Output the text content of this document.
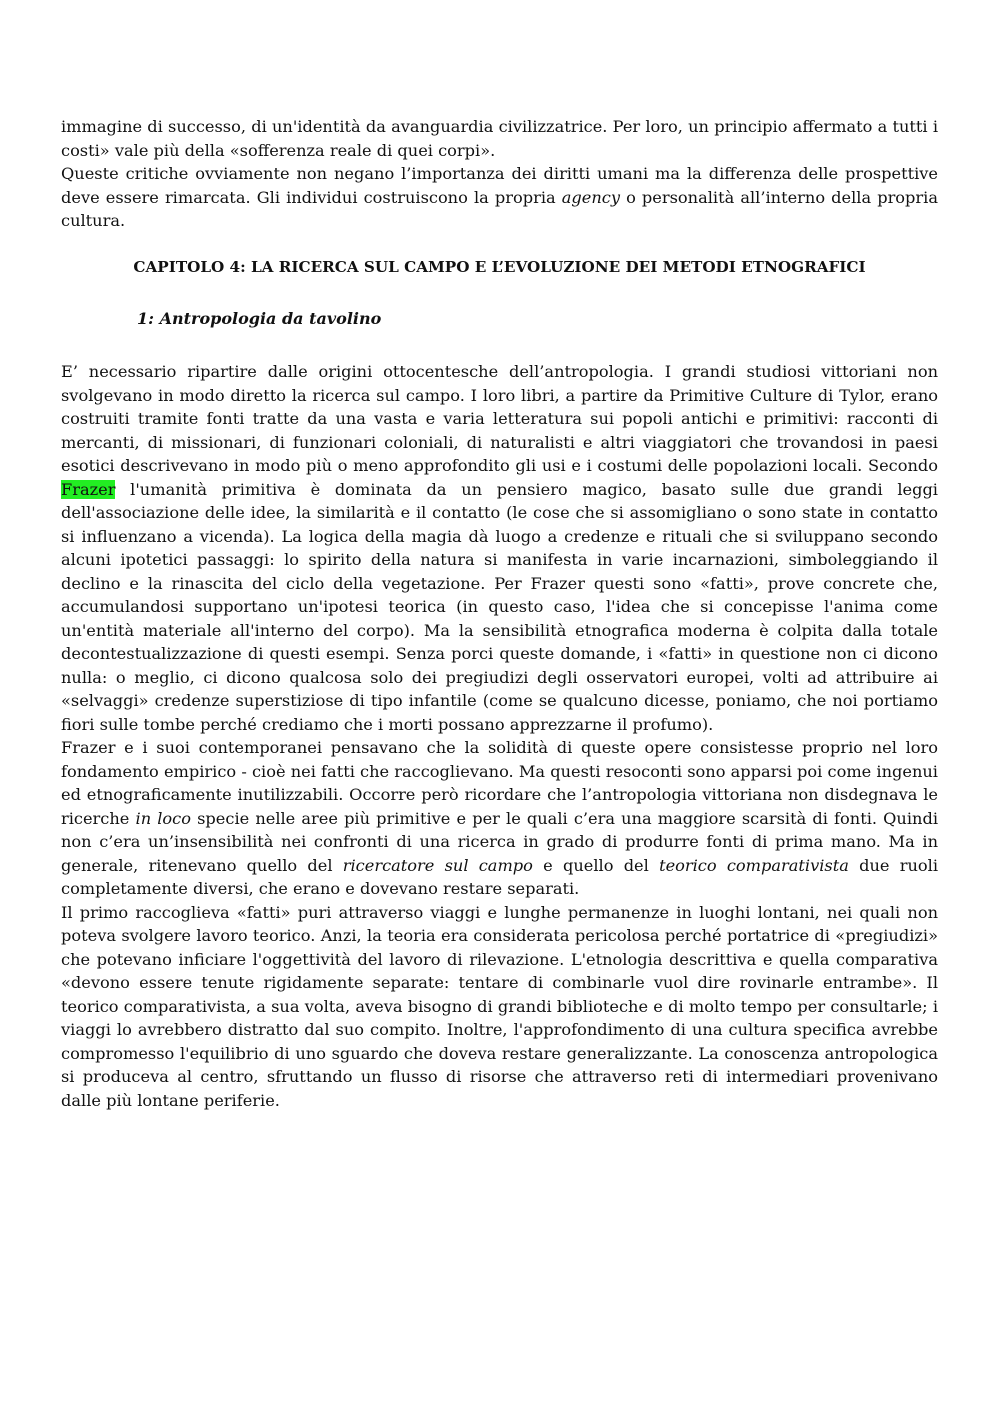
immagine di successo, di un'identità da avanguardia civilizzatrice. Per loro, un principio affermato a tutti i costi» vale più della «sofferenza reale di quei corpi».
Queste critiche ovviamente non negano l’importanza dei diritti umani ma la differenza delle prospettive deve essere rimarcata. Gli individui costruiscono la propria agency o personalità all’interno della propria cultura.

CAPITOLO 4: LA RICERCA SUL CAMPO E L’EVOLUZIONE DEI METODI ETNOGRAFICI
1: Antropologia da tavolino
E’ necessario ripartire dalle origini ottocentesche dell’antropologia. I grandi studiosi vittoriani non svolgevano in modo diretto la ricerca sul campo. I loro libri, a partire da Primitive Culture di Tylor, erano costruiti tramite fonti tratte da una vasta e varia letteratura sui popoli antichi e primitivi: racconti di mercanti, di missionari, di funzionari coloniali, di naturalisti e altri viaggiatori che trovandosi in paesi esotici descrivevano in modo più o meno approfondito gli usi e i costumi delle popolazioni locali. Secondo Frazer l'umanità primitiva è dominata da un pensiero magico, basato sulle due grandi leggi dell'associazione delle idee, la similarità e il contatto (le cose che si assomigliano o sono state in contatto si influenzano a vicenda). La logica della magia dà luogo a credenze e rituali che si sviluppano secondo alcuni ipotetici passaggi: lo spirito della natura si manifesta in varie incarnazioni, simboleggiando il declino e la rinascita del ciclo della vegetazione. Per Frazer questi sono «fatti», prove concrete che, accumulandosi supportano un'ipotesi teorica (in questo caso, l'idea che si concepisse l'anima come un'entità materiale all'interno del corpo). Ma la sensibilità etnografica moderna è colpita dalla totale decontestualizzazione di questi esempi. Senza porci queste domande, i «fatti» in questione non ci dicono nulla: o meglio, ci dicono qualcosa solo dei pregiudizi degli osservatori europei, volti ad attribuire ai «selvaggi» credenze superstiziose di tipo infantile (come se qualcuno dicesse, poniamo, che noi portiamo fiori sulle tombe perché crediamo che i morti possano apprezzarne il profumo).
Frazer e i suoi contemporanei pensavano che la solidità di queste opere consistesse proprio nel loro fondamento empirico - cioè nei fatti che raccoglievano. Ma questi resoconti sono apparsi poi come ingenui ed etnograficamente inutilizzabili. Occorre però ricordare che l’antropologia vittoriana non disdegnava le ricerche in loco specie nelle aree più primitive e per le quali c’era una maggiore scarsità di fonti. Quindi non c’era un’insensibilità nei confronti di una ricerca in grado di produrre fonti di prima mano. Ma in generale, ritenevano quello del ricercatore sul campo e quello del teorico comparativista due ruoli completamente diversi, che erano e dovevano restare separati.
Il primo raccoglieva «fatti» puri attraverso viaggi e lunghe permanenze in luoghi lontani, nei quali non poteva svolgere lavoro teorico. Anzi, la teoria era considerata pericolosa perché portatrice di «pregiudizi» che potevano inficiare l'oggettività del lavoro di rilevazione. L'etnologia descrittiva e quella comparativa «devono essere tenute rigidamente separate: tentare di combinarle vuol dire rovinarle entrambe». Il teorico comparativista, a sua volta, aveva bisogno di grandi biblioteche e di molto tempo per consultarle; i viaggi lo avrebbero distratto dal suo compito. Inoltre, l'approfondimento di una cultura specifica avrebbe compromesso l'equilibrio di uno sguardo che doveva restare generalizzante. La conoscenza antropologica si produceva al centro, sfruttando un flusso di risorse che attraverso reti di intermediari provenivano dalle più lontane periferie.
